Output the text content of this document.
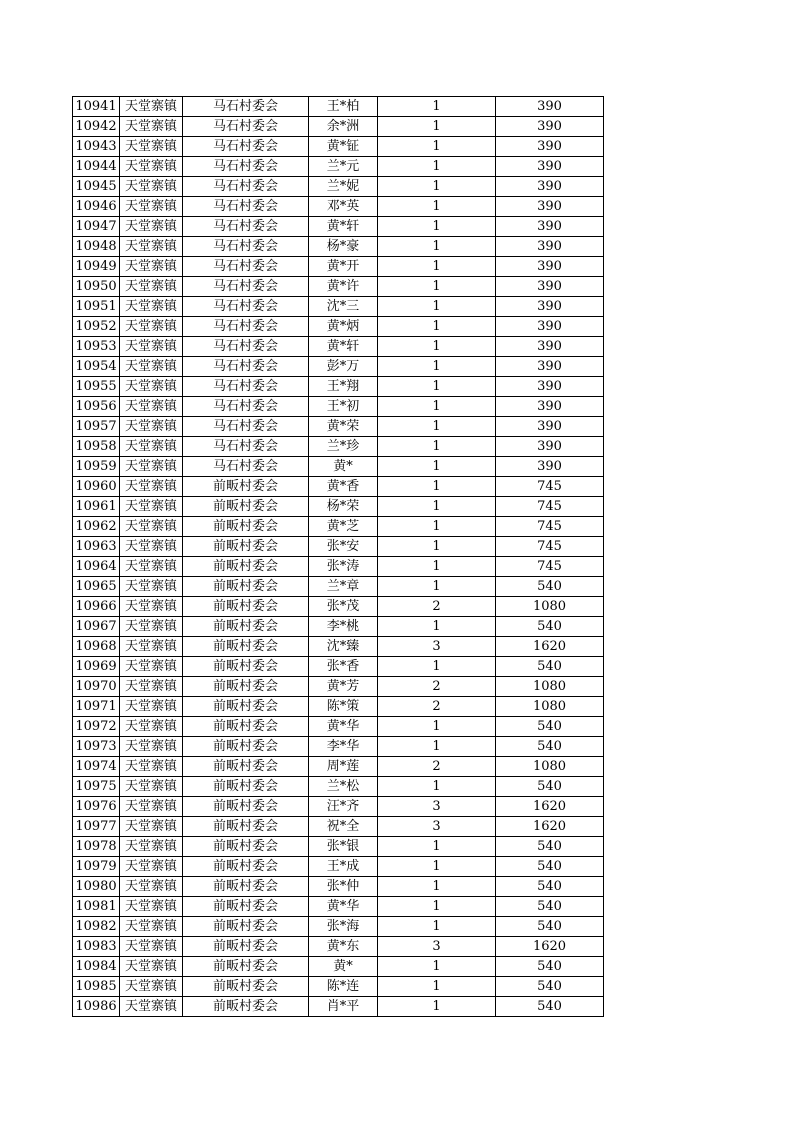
10941	天堂寨镇	马石村委会	王*柏	1	390
10942	天堂寨镇	马石村委会	余*洲	1	390
10943	天堂寨镇	马石村委会	黄*钲	1	390
10944	天堂寨镇	马石村委会	兰*元	1	390
10945	天堂寨镇	马石村委会	兰*妮	1	390
10946	天堂寨镇	马石村委会	邓*英	1	390
10947	天堂寨镇	马石村委会	黄*轩	1	390
10948	天堂寨镇	马石村委会	杨*豪	1	390
10949	天堂寨镇	马石村委会	黄*开	1	390
10950	天堂寨镇	马石村委会	黄*许	1	390
10951	天堂寨镇	马石村委会	沈*三	1	390
10952	天堂寨镇	马石村委会	黄*炳	1	390
10953	天堂寨镇	马石村委会	黄*轩	1	390
10954	天堂寨镇	马石村委会	彭*万	1	390
10955	天堂寨镇	马石村委会	王*翔	1	390
10956	天堂寨镇	马石村委会	王*初	1	390
10957	天堂寨镇	马石村委会	黄*荣	1	390
10958	天堂寨镇	马石村委会	兰*珍	1	390
10959	天堂寨镇	马石村委会	黄*	1	390
10960	天堂寨镇	前畈村委会	黄*香	1	745
10961	天堂寨镇	前畈村委会	杨*荣	1	745
10962	天堂寨镇	前畈村委会	黄*芝	1	745
10963	天堂寨镇	前畈村委会	张*安	1	745
10964	天堂寨镇	前畈村委会	张*涛	1	745
10965	天堂寨镇	前畈村委会	兰*章	1	540
10966	天堂寨镇	前畈村委会	张*茂	2	1080
10967	天堂寨镇	前畈村委会	李*桃	1	540
10968	天堂寨镇	前畈村委会	沈*臻	3	1620
10969	天堂寨镇	前畈村委会	张*香	1	540
10970	天堂寨镇	前畈村委会	黄*芳	2	1080
10971	天堂寨镇	前畈村委会	陈*策	2	1080
10972	天堂寨镇	前畈村委会	黄*华	1	540
10973	天堂寨镇	前畈村委会	李*华	1	540
10974	天堂寨镇	前畈村委会	周*莲	2	1080
10975	天堂寨镇	前畈村委会	兰*松	1	540
10976	天堂寨镇	前畈村委会	汪*齐	3	1620
10977	天堂寨镇	前畈村委会	祝*全	3	1620
10978	天堂寨镇	前畈村委会	张*银	1	540
10979	天堂寨镇	前畈村委会	王*成	1	540
10980	天堂寨镇	前畈村委会	张*仲	1	540
10981	天堂寨镇	前畈村委会	黄*华	1	540
10982	天堂寨镇	前畈村委会	张*海	1	540
10983	天堂寨镇	前畈村委会	黄*东	3	1620
10984	天堂寨镇	前畈村委会	黄*	1	540
10985	天堂寨镇	前畈村委会	陈*连	1	540
10986	天堂寨镇	前畈村委会	肖*平	1	540
